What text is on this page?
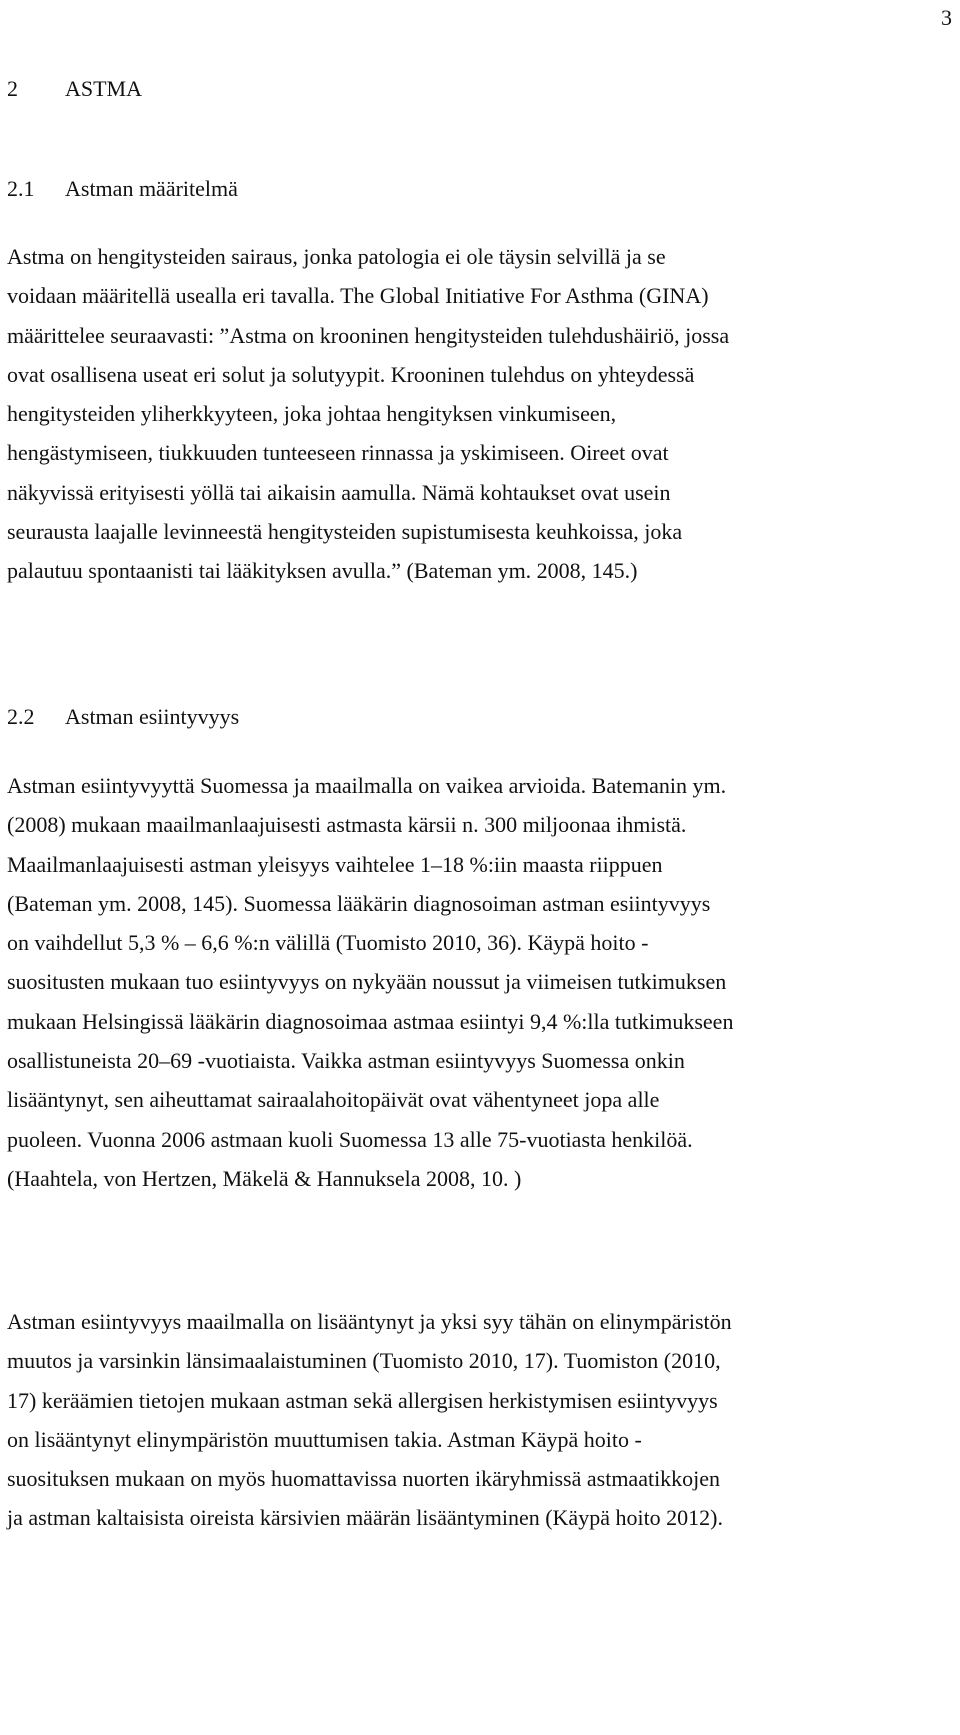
3
2 ASTMA
2.1 Astman määritelmä
Astma on hengitysteiden sairaus, jonka patologia ei ole täysin selvillä ja se
voidaan määritellä usealla eri tavalla. The Global Initiative For Asthma (GINA)
määrittelee seuraavasti: ”Astma on krooninen hengitysteiden tulehdushäiriö, jossa
ovat osallisena useat eri solut ja solutyypit. Krooninen tulehdus on yhteydessä
hengitysteiden yliherkkyyteen, joka johtaa hengityksen vinkumiseen,
hengästymiseen, tiukkuuden tunteeseen rinnassa ja yskimiseen. Oireet ovat
näkyvissä erityisesti yöllä tai aikaisin aamulla. Nämä kohtaukset ovat usein
seurausta laajalle levinneestä hengitysteiden supistumisesta keuhkoissa, joka
palautuu spontaanisti tai lääkityksen avulla.” (Bateman ym. 2008, 145.)
2.2 Astman esiintyvyys
Astman esiintyvyyttä Suomessa ja maailmalla on vaikea arvioida. Batemanin ym.
(2008) mukaan maailmanlaajuisesti astmasta kärsii n. 300 miljoonaa ihmistä.
Maailmanlaajuisesti astman yleisyys vaihtelee 1–18 %:iin maasta riippuen
(Bateman ym. 2008, 145). Suomessa lääkärin diagnosoiman astman esiintyvyys
on vaihdellut 5,3 % – 6,6 %:n välillä (Tuomisto 2010, 36). Käypä hoito -
suositusten mukaan tuo esiintyvyys on nykyään noussut ja viimeisen tutkimuksen
mukaan Helsingissä lääkärin diagnosoimaa astmaa esiintyi 9,4 %:lla tutkimukseen
osallistuneista 20–69 -vuotiaista. Vaikka astman esiintyvyys Suomessa onkin
lisääntynyt, sen aiheuttamat sairaalahoitopäivät ovat vähentyneet jopa alle
puoleen. Vuonna 2006 astmaan kuoli Suomessa 13 alle 75-vuotiasta henkilöä.
(Haahtela, von Hertzen, Mäkelä & Hannuksela 2008, 10. )
Astman esiintyvyys maailmalla on lisääntynyt ja yksi syy tähän on elinympäristön
muutos ja varsinkin länsimaalaistuminen (Tuomisto 2010, 17). Tuomiston (2010,
17) keräämien tietojen mukaan astman sekä allergisen herkistymisen esiintyvyys
on lisääntynyt elinympäristön muuttumisen takia. Astman Käypä hoito -
suosituksen mukaan on myös huomattavissa nuorten ikäryhmissä astmaatikkojen
ja astman kaltaisista oireista kärsivien määrän lisääntyminen (Käypä hoito 2012).
